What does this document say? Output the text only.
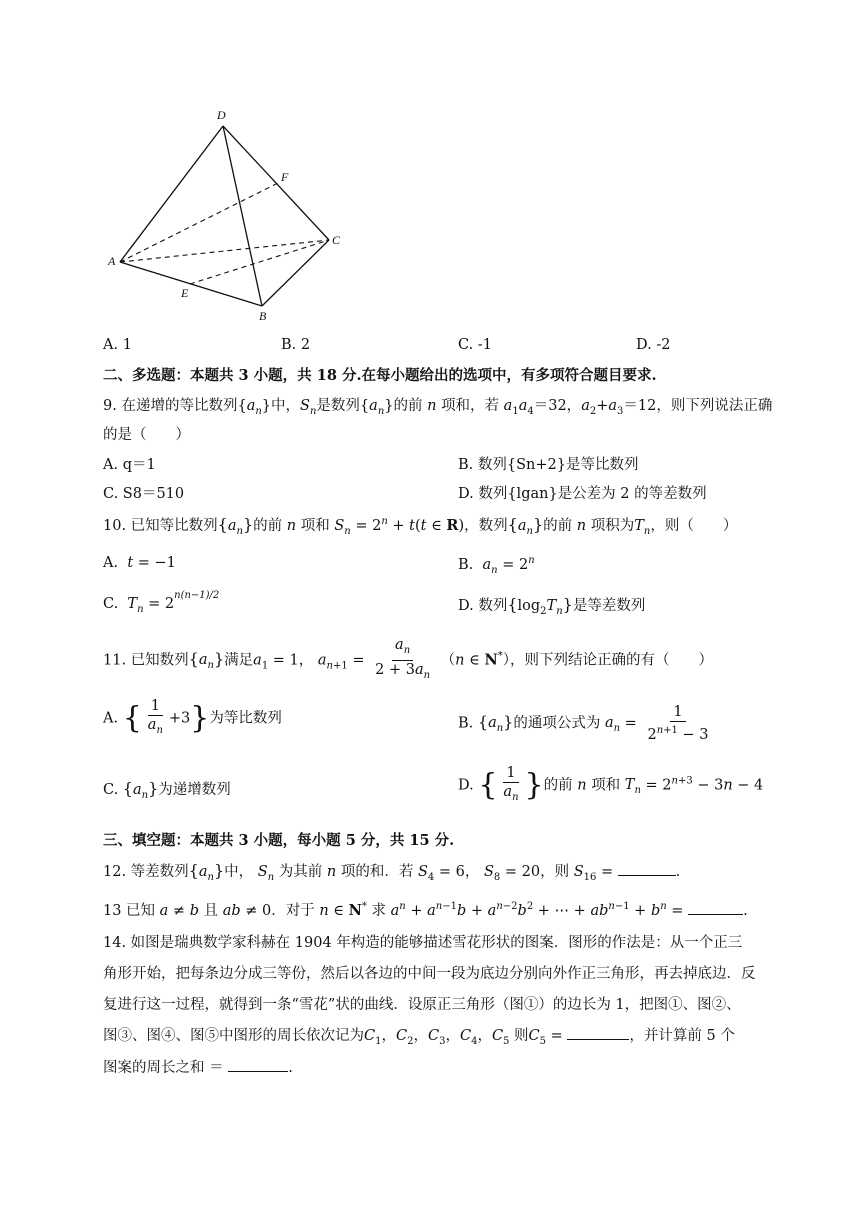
D
F
C
A
E
B
A. 1	B. 2	C. -1	D. -2
二、多选题：本题共 3 小题，共 18 分.在每小题给出的选项中，有多项符合题目要求.
9. 在递增的等比数列$\{a_n\}$中，$S_n$是数列$\{a_n\}$的前 n 项和，若 $a_1a_4=32$，$a_2+a_3=12$，则下列说法正确
的是（　　）
A. q＝1	B. 数列{Sn+2}是等比数列
C. S8＝510	D. 数列{lgan}是公差为 2 的等差数列
10. 已知等比数列$\{a_n\}$的前 n 项和 $S_n = 2^n + t(t$ ∈ R)，数列$\{a_n\}$的前 n 项积为$T_n$，则（　　）
A. t = −1	B. $a_n = 2^n$
C. $T_n = 2^{n(n-1)/2}$
D. 数列$\{\log_2T_n\}$是等差数列
11. 已知数列$\{a_n\}$满足$a_1 = 1$， $a_{n+1} = \frac{a_n}{2 + 3a_n} (n$ ∈ N*），则下列结论正确的有（　　）
A. { $\frac{1}{a_n} +3$}为等比数列	B. $\{a_n\}$的通项公式为 $a_n = \frac{1}{2^{n+1} - 3}$
C. $\{a_n\}$为递增数列	D. { $\frac{1}{a_n}$ }的前 n 项和 $T_n = 2^{n+3} - 3n - 4$
三、填空题：本题共 3 小题，每小题 5 分，共 15 分.
12. 等差数列$\{a_n\}$中， $S_n$ 为其前 n 项的和．若 $S_4 = 6$， $S_8 = 20$，则 $S_{16}$ =	．
13 已知 a ≠ b 且 ab ≠ 0．对于 n ∈ N* 求 $a^n + a^{n-1}b + a^{n-2}b^2$ + ⋯ + $ab^{n-1} + b^n$ =	.
14. 如图是瑞典数学家科赫在 1904 年构造的能够描述雪花形状的图案．图形的作法是：从一个正三
角形开始，把每条边分成三等份，然后以各边的中间一段为底边分别向外作正三角形，再去掉底边．反
复进行这一过程，就得到一条“雪花”状的曲线．设原正三角形（图①）的边长为 1，把图①、图②、
图③、图④、图⑤中图形的周长依次记为$C_1$，$C_2$，$C_3$，$C_4$，$C_5$ 则$C_5$ =	，并计算前 5 个
图案的周长之和 ＝	.
